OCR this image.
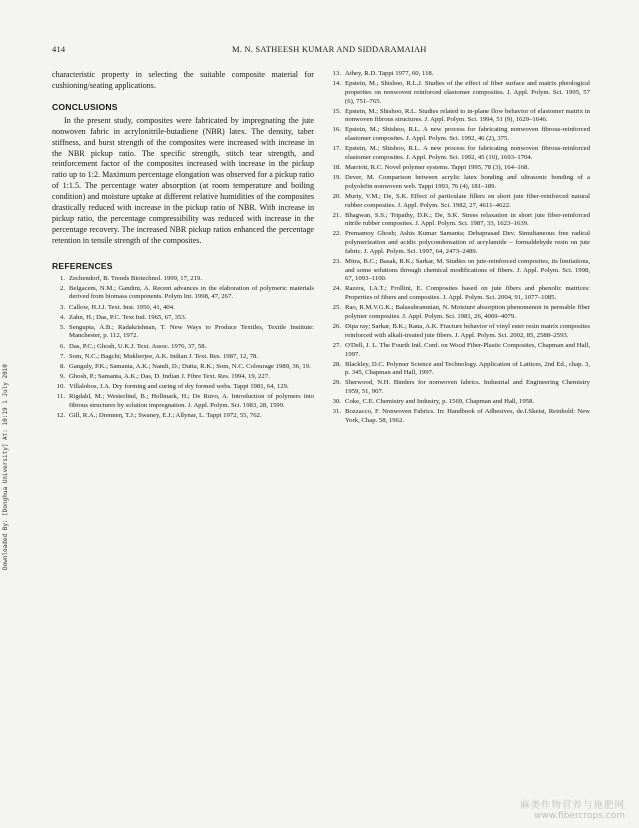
414	M. N. SATHEESH KUMAR AND SIDDARAMAIAH
Downloaded By: [Donghua University] At: 10:19 1 July 2010

characteristic property in selecting the suitable composite material for cushioning/seating applications.

CONCLUSIONS

In the present study, composites were fabricated by impregnating the jute nonwoven fabric in acrylonitrile-butadiene (NBR) latex. The density, taber stiffness, and burst strength of the composites were increased with increase in the NBR pickup ratio. The specific strength, stitch tear strength, and reinforcement factor of the composites increased with increase in the pickup ratio up to 1:2. Maximum percentage elongation was observed for a pickup ratio of 1:1.5. The percentage water absorption (at room temperature and boiling condition) and moisture uptake at different relative humidities of the composites drastically reduced with increase in the pickup ratio of NBR. With increase in pickup ratio, the percentage compressibility was reduced with increase in the percentage recovery. The increased NBR pickup ratios enhanced the percentage retention in tensile strength of the composites.

REFERENCES
1. Zechendorf, B. Trends Biotechnol. 1999, 17, 219.
2. Belgacem, N.M.; Gandini, A. Recent advances in the elaboration of polymeric materials derived from biomass components. Polym Int. 1998, 47, 267.
3. Callow, H.J.J. Text. Inst. 1950, 41, 404.
4. Zahn, H.; Das, P.C. Text Ind. 1965, 67, 353.
5. Sengupta, A.B.; Radakrishnan, T. New Ways to Produce Textiles, Textile Institute: Manchester, p. 112, 1972.
6. Das, P.C.; Ghosh, U.K.J. Text. Assoc. 1976, 37, 58.
7. Som, N.C.; Bagchi; Mukherjee, A.K. Indian J. Text. Res. 1987, 12, 78.
8. Ganguly, P.K.; Samanta, A.K.; Nandi, D.; Dutta, R.K.; Som, N.C. Colourage 1989, 36, 19.
9. Ghosh, P.; Samanta, A.K.; Das, D. Indian J. Fibre Text. Res. 1994, 19, 227.
10. Villalobos, J.A. Dry forming and curing of dry formed webs. Tappi 1981, 64, 129.
11. Rigdahl, M.; Westerlind, B.; Hollmark, H.; De Ruvo, A. Introduction of polymers into fibrous structures by solution impregnation. J. Appl. Polym. Sci. 1983, 28, 1599.
12. Gill, R.A.; Drennen, T.J.; Swaney, E.J.; Allynar, L. Tappi 1972, 55, 762.
13. Athey, R.D. Tappi 1977, 60, 118.
14. Epstein, M.; Shishoo, R.L.J. Studies of the effect of fiber surface and matrix pheological properties on nonwoven reinforced elastomer composites. J. Appl. Polym. Sci. 1995, 57 (6), 751–765.
15. Epstein, M.; Shishoo, R.L. Studies related to in-plane flow behavior of elastomer matrix in nonwoven fibrous structures. J. Appl. Polym. Sci. 1994, 51 (9), 1629–1646.
16. Epstein, M.; Shishoo, R.L. A new process for fabricating nonwoven fibrous-reinforced elastomer composites. J. Appl. Polym. Sci. 1992, 46 (2), 375.
17. Epstein, M.; Shishoo, R.L. A new process for fabricating nonwoven fibrous-reinforced elastomer composites. J. Appl. Polym. Sci. 1992, 45 (10), 1693–1704.
18. Marriott, R.C. Novel polymer systems. Tappi 1995, 78 (3), 164–168.
19. Dever, M. Comparison between acrylic latex bonding and ultrasonic bonding of a polyolefin nonwoven web. Tappi 1993, 76 (4), 181–189.
20. Murty, V.M.; De, S.K. Effect of particulate fillers on short jute fiber-reinforced natural rubber composites. J. Appl. Polym. Sci. 1982, 27, 4611–4622.
21. Bhagwan, S.S.; Tripathy, D.K.; De, S.K. Stress relaxation in short jute fiber-reinforced nitrile rubber composites. J. Appl. Polym. Sci. 1987, 33, 1623–1639.
22. Premamoy Ghosh; Ashis Kumar Samanta; Debaprasad Dev. Simultaneous free radical polymerization and acidic polycondensation of acrylamide – formaldehyde resin on jute fabric. J. Appl. Polym. Sci. 1997, 64, 2473–2489.
23. Mitra, B.C.; Basak, R.K.; Sarkar, M. Studies on jute-reinforced composites, its limitations, and some solutions through chemical modifications of fibers. J. Appl. Polym. Sci. 1998, 67, 1093–1100.
24. Razera, I.A.T.; Frollini, E. Composites based on jute fibers and phenolic matrices: Properties of fibers and composites. J. Appl. Polym. Sci. 2004, 91, 1077–1085.
25. Rao, R.M.V.G.K.; Balasubramnian, N. Moisture absorption phenomenon in permable fiber polymer composites. J. Appl. Polym. Sci. 1981, 26, 4069–4079.
26. Dipa ray; Sarkar, B.K.; Rana, A.K. Fracture behavior of vinyl ester resin matrix composites reinforced with alkali-treated jute fibers. J. Appl. Polym. Sci. 2002, 85, 2588–2593.
27. O'Dell, J. L. The Fourth Intl. Conf. on Wood Fiber-Plastic Composites, Chapman and Hall, 1997.
28. Blackley, D.C. Polymer Science and Technology. Application of Lattices, 2nd Ed., chap. 3, p. 345, Chapman and Hall, 1997.
29. Sherwood, N.H. Binders for nonwoven fabrics. Industrial and Engineering Chemistry 1959, 51, 907.
30. Coke, C.E. Chemistry and Industry, p. 1569, Chapman and Hall, 1958.
31. Bozzacco, F. Nonwoven Fabrics. In: Handbook of Adhesives, de.I.Skeist, Reinhold: New York, Chap. 58, 1962.
麻类作物营养与施肥网
www.fibercrops.com
